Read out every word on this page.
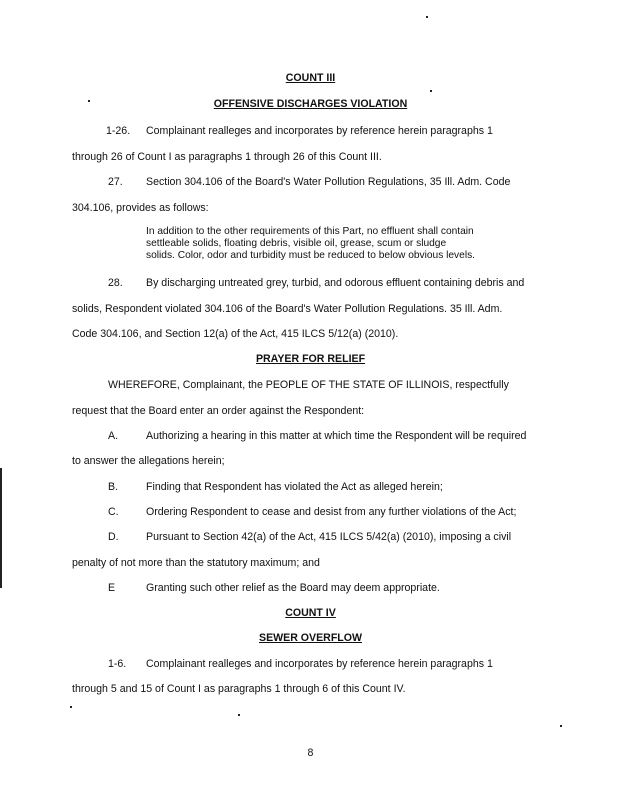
COUNT III

OFFENSIVE DISCHARGES VIOLATION

1-26. Complainant realleges and incorporates by reference herein paragraphs 1

through 26 of Count I as paragraphs 1 through 26 of this Count III.

27. Section 304.106 of the Board's Water Pollution Regulations, 35 Ill. Adm. Code

304.106, provides as follows:

In addition to the other requirements of this Part, no effluent shall contain

settleable solids, floating debris, visible oil, grease, scum or sludge

solids. Color, odor and turbidity must be reduced to below obvious levels.

28. By discharging untreated grey, turbid, and odorous effluent containing debris and

solids, Respondent violated 304.106 of the Board's Water Pollution Regulations. 35 Ill. Adm.

Code 304.106, and Section 12(a) of the Act, 415 ILCS 5/12(a) (2010).

PRAYER FOR RELIEF

WHEREFORE, Complainant, the PEOPLE OF THE STATE OF ILLINOIS, respectfully

request that the Board enter an order against the Respondent:

A.	Authorizing a hearing in this matter at which time the Respondent will be required

to answer the allegations herein;

B.	Finding that Respondent has violated the Act as alleged herein;

C.	Ordering Respondent to cease and desist from any further violations of the Act;

D.	Pursuant to Section 42(a) of the Act, 415 ILCS 5/42(a) (2010), imposing a civil

penalty of not more than the statutory maximum; and

E	Granting such other relief as the Board may deem appropriate.

COUNT IV

SEWER OVERFLOW

1-6. Complainant realleges and incorporates by reference herein paragraphs 1

through 5 and 15 of Count I as paragraphs 1 through 6 of this Count IV.

8
